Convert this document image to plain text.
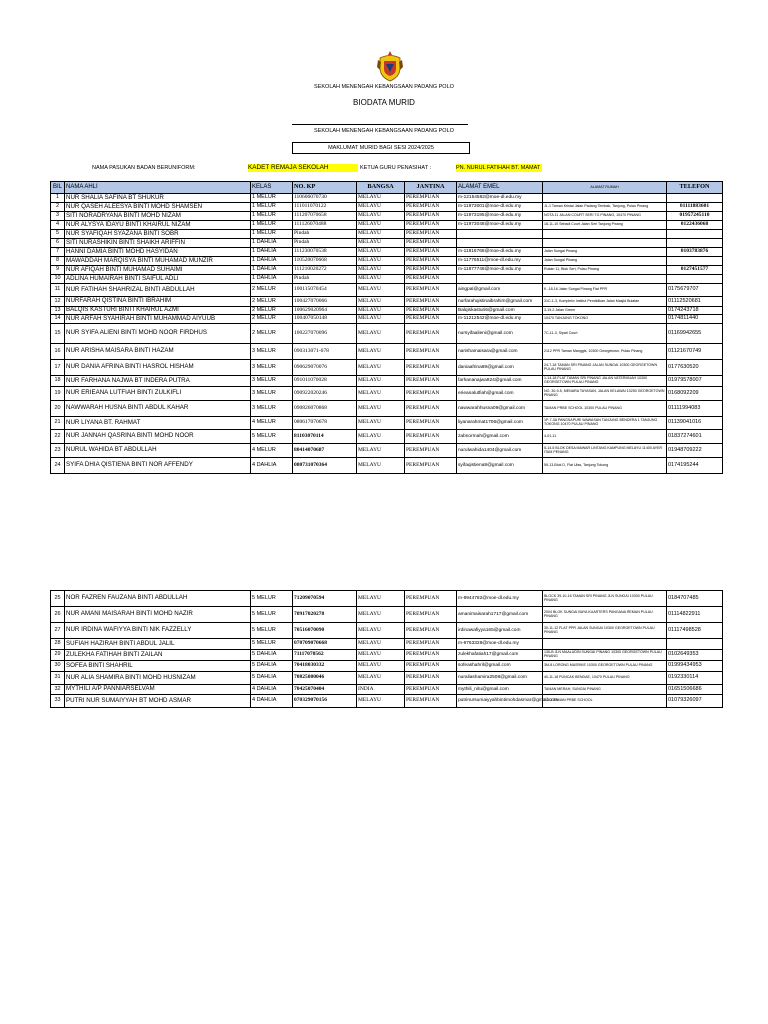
SEKOLAH MENENGAH KEBANGSAAN PADANG POLO
BIODATA MURID
SEKOLAH MENENGAH KEBANGSAAN PADANG POLO
MAKLUMAT MURID BAGI SESI 2024/2025
NAMA PASUKAN BADAN BERUNIFORM:	KADET REMAJA SEKOLAH	KETUA GURU PENASIHAT :	PN. NURUL FATIHAH BT. MAMAT
BIL	NAMA AHLI	KELAS	NO. KP	BANGSA	JANTINA	ALAMAT EMEL	ALAMAT RUMAH	TELEFON
1	NUR SHALIA SAFINA BT SHUKUR	1 MELUR	110606070730	MELAYU	PEREMPUAN	m-12154582@moe-dl.edu.my		
2	NUR QASEH ALEESYA BINTI MOHD SHAMSEN	1 MELUR	111011070122	MELAYU	PEREMPUAN	m-11973001@moe-dl.edu.my	JL-1 Taman Kristal Jalan Padang Tembak, Tanjung, Pulau Pinang	01111883601
3	SITI NORADRYANA BINTI MOHD NIZAM	1 MELUR	111207070658	MELAYU	PEREMPUAN	m-11973195@moe-dl.edu.my	NOTA 11 JALAN COURT SERI TG PINANG, 10470 PINANG	01957245110
4	NUR ALYSYA IDAYU BINTI KHAIRUL NIZAM	1 MELUR	111126070488	MELAYU	PEREMPUAN	m-11973048@moe-dl.edu.my	18-11-10 Sebadi Court Jalan Seri Tanjung Pinang	0122436068
5	NUR SYAFIQAH SYAZANA BINTI SOBR	1 MELUR	Pindah	MELAYU	PEREMPUAN			
6	SITI NURASHIKIN BINTI SHAIKH ARIFFIN	1 DAHLIA	Pindah	MELAYU	PEREMPUAN			
7	HANNI DAMIA BINTI MOHD HASYIDAN	1 DAHLIA	111230070538	MELAYU	PEREMPUAN	m-11816768@moe-dl.edu.my	Jalan Sungai Pinang	0103783876
8	MAWADDAH MARQISYA BINTI MUHAMAD MUNZIR	1 DAHLIA	110520070668	MELAYU	PEREMPUAN	m-11776511@moe-dl.edu.my	Jalan Sungai Pinang	
9	NUR AFIQAH BINTI MUHAMAD SUHAIMI	1 DAHLIA	111210020272	MELAYU	PEREMPUAN	m-11877748@moe-dl.edu.my	Rukan 11, Blok Seri, Pulau Pinang	0127451577
10	ADLINA HUMAIRAH BINTI SAIFUL ADLI	1 DAHLIA	Pindah	MELAYU	PEREMPUAN			
11	NUR FATIHAH SHAHRIZAL BINTI ABDULLAH	2 MELUR	100115070454	MELAYU	PEREMPUAN	aingpal@gmail.com	K -18-16 Jalan Sungai Pinang Flat PPR	0175679707
12	NURFARAH QISTINA BINTI IBRAHIM	2 MELUR	100427070066	MELAYU	PEREMPUAN	nurfarahqistinaibrahim@gmail.com	31C-1-3, Komplekx Institut Pendidikan Jalan Masjid Bulatan	01112520681
13	BALQIS KASTURI BINTI KHAIRUL AZMI	2 MELUR	100629020964	MELAYU	PEREMPUAN	Balqiskasturi6@gmail.com	3-19-2 Jalan Green	0174243718
14	NUR ARFAH SYAHIRAH BINTI MUHAMMAD AIYUUB	2 MELUR	100407050148	MELAYU	PEREMPUAN	m-11212542@moe-dl.edu.my	10470 TANJUNG TOKONG	0174811440
15	NUR SYIFA ALIENI BINTI MOHD NOOR FIRDHUS	2 MELUR	100227070096	MELAYU	PEREMPUAN	nursyifaalieni@gmail.com	7C-11-3, Sipati Court	01169942655
16	NUR ARISHA MAISARA BINTI HAZAM	3 MELUR	090313071-678	MELAYU	PEREMPUAN	narishamaisara@gmail.com	2112 PPR Taman Manggis, 10300 Georgetown, Pulau Pinang	01121670749
17	NUR DANIA AFRINA BINTI HASROL HISHAM	3 MELUR	090629070076	MELAYU	PEREMPUAN	daniaafrina69@gmail.com	24-7-18 TAMAN SRI PINANG JALAN SUNGAI 10300 GEORGETOWN PULAU PINANG	0177630520
18	NUR FARHANA NAJWA BT INDERA PUTRA	3 MELUR	091011070028	MELAYU	PEREMPUAN	farhananajwa924@gmail.com	1-14-18 FLAT TAMAN SRI PINANG JALAN VATERMUAH 10300 GEORGETOWN PULAU PINANG	01979578007
19	NUR ERIEANA LUTFIAH BINTI ZULKIFLI	3 MELUR	090922020246	MELAYU	PEREMPUAN	erieanalutfiah@gmail.com	NO. 30-9-5, MENARA TAYASAN, JALAN KELAWAI 10250 GEORGETOWN PINANG	0168092209
20	NAWWARAH HUSNA BINTI ABDUL KAHAR	3 MELUR	090826070868	MELAYU	PEREMPUAN	nawwarahhusna09@gmail.com	TAMAN PRBE SCHOOL 10300 PULAU PINANG	01111994083
21	NUR LIYANA BT. RAHMAT	4 MELUR	080617070678	MELAYU	PEREMPUAN	liyanarahmat1706@gmail.com	1P-7-3A PANGSAPURI WAWASAN TANJUNG BENDERA 1 TANJUNG TOKONG 10470 PULAU PINANG	01139041016
22	NUR JANNAH QASRINA BINTI MOHD NOOR	5 MELUR	81103070114	MELAYU	PEREMPUAN	zabnormah@gmail.com	4-01-11	01837274601
23	NURUL WAHIDA BT ABDULLAH	4 MELUR	80414070687	MELAYU	PEREMPUAN	nurulwahida1404@gmail.com	5-14-5 BLOK DESA MAWAR LINTANG KAMPUNG MELAYU 11400 AYER ITAM PENANG	01948709222
24	SYIFA DHIA QISTIENA BINTI NOR AFFENDY	4 DAHLIA	080731070364	MELAYU	PEREMPUAN	syifaqistiena9@gmail.com	59-13-Blok D, Flat Ulas, Tanjung Tokong	0174195244
25	NOR FAZREN FAUZANA BINTI ABDULLAH	5 MELUR	71209070594	MELAYU	PEREMPUAN	m-8944782@moe-dl.edu.my	BLOCK 39-10-16 TAMAN SRI PINANG JLN SUNGAI 10300 PULAU PINANG	0184707485
26	NUR AMANI MAISARAH BINTI MOHD NAZIR	5 MELUR	70917020278	MELAYU	PEREMPUAN	amanimaisarah1717@gmail.com	2004 BLOK SUNGAI BAYA KUARTERS PANGANA REMAN PULAU PINANG	01114822911
27	NUR IRDINA WAFIYYA BINTI NIK FAZZELLY	5 MELUR	70516070090	MELAYU	PEREMPUAN	irdinawafiyya165@gmail.com	30-11-12 FLAT PPR JALAN SUNGAI 10300 GEORGETOWN PULAU PINANG	01117498528
28	SUFIAH HAZIRAH BINTI ABDUL JALIL	5 MELUR	070709070668	MELAYU	PEREMPUAN	m-9763328@moe-dl.edu.my		
29	ZULEKHA FATIHAH BINTI ZAILAN	5 DAHLIA	71117070562	MELAYU	PEREMPUAN	zulekhafatiah17@gmail.com	136-B JLN MAALUDIN SUNGAI PINANG 10300 GEORGETOWN PULAU PINANG	0102649353
30	SOFEA BINTI SHAHRIL	5 DAHLIA	70418030332	MELAYU	PEREMPUAN	sofeashahril@gmail.com	3M-8 LORONG MASRIKE 10300 GEORGETOWN PULAU PINANG	01999434953
31	NUR ALIA SHAMIRA BINTI MOHD HUSNIZAM	5 DAHLIA	70825080046	MELAYU	PEREMPUAN	nuraliashamira2508@gmail.com	40-11-18 PUNCAK BENDAE, 10470 PULAU PINANG	0192330114
32	MYTHILI A/P PANNIARSELVAM	4 DAHLIA	70425070404	INDIA	PEREMPUAN	mythili_nitu@gmail.com	TAMAN MERAH, SUNGAI PINANG	01651506686
33	PUTRI NUR SUMAIYYAH BT MOHD ASMAR	4 DAHLIA	070329070156	MELAYU	PEREMPUAN	putrinursumaiyyahbintimohdasmar@gmail.com	2-3-1 TAMAN PRBE SCHOOL	01079326097
